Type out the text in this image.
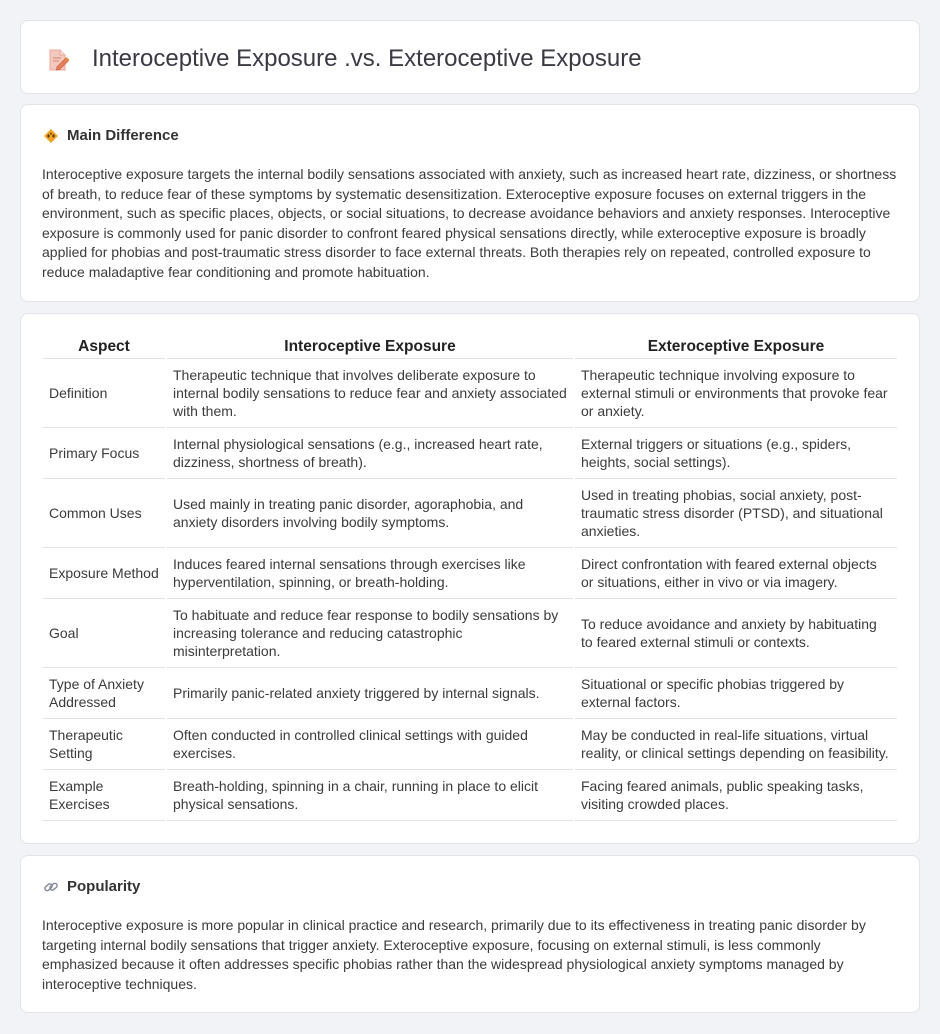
Interoceptive Exposure .vs. Exteroceptive Exposure
Main Difference

Interoceptive exposure targets the internal bodily sensations associated with anxiety, such as increased heart rate, dizziness, or shortness of breath, to reduce fear of these symptoms by systematic desensitization. Exteroceptive exposure focuses on external triggers in the environment, such as specific places, objects, or social situations, to decrease avoidance behaviors and anxiety responses. Interoceptive exposure is commonly used for panic disorder to confront feared physical sensations directly, while exteroceptive exposure is broadly applied for phobias and post-traumatic stress disorder to face external threats. Both therapies rely on repeated, controlled exposure to reduce maladaptive fear conditioning and promote habituation.

Aspect	Interoceptive Exposure	Exteroceptive Exposure
Definition	Therapeutic technique that involves deliberate exposure to internal bodily sensations to reduce fear and anxiety associated with them.	Therapeutic technique involving exposure to external stimuli or environments that provoke fear or anxiety.
Primary Focus	Internal physiological sensations (e.g., increased heart rate, dizziness, shortness of breath).	External triggers or situations (e.g., spiders, heights, social settings).
Common Uses	Used mainly in treating panic disorder, agoraphobia, and anxiety disorders involving bodily symptoms.	Used in treating phobias, social anxiety, post-traumatic stress disorder (PTSD), and situational anxieties.
Exposure Method	Induces feared internal sensations through exercises like hyperventilation, spinning, or breath-holding.	Direct confrontation with feared external objects or situations, either in vivo or via imagery.
Goal	To habituate and reduce fear response to bodily sensations by increasing tolerance and reducing catastrophic misinterpretation.	To reduce avoidance and anxiety by habituating to feared external stimuli or contexts.
Type of Anxiety Addressed	Primarily panic-related anxiety triggered by internal signals.	Situational or specific phobias triggered by external factors.
Therapeutic Setting	Often conducted in controlled clinical settings with guided exercises.	May be conducted in real-life situations, virtual reality, or clinical settings depending on feasibility.
Example Exercises	Breath-holding, spinning in a chair, running in place to elicit physical sensations.	Facing feared animals, public speaking tasks, visiting crowded places.
Popularity

Interoceptive exposure is more popular in clinical practice and research, primarily due to its effectiveness in treating panic disorder by targeting internal bodily sensations that trigger anxiety. Exteroceptive exposure, focusing on external stimuli, is less commonly emphasized because it often addresses specific phobias rather than the widespread physiological anxiety symptoms managed by interoceptive techniques.
